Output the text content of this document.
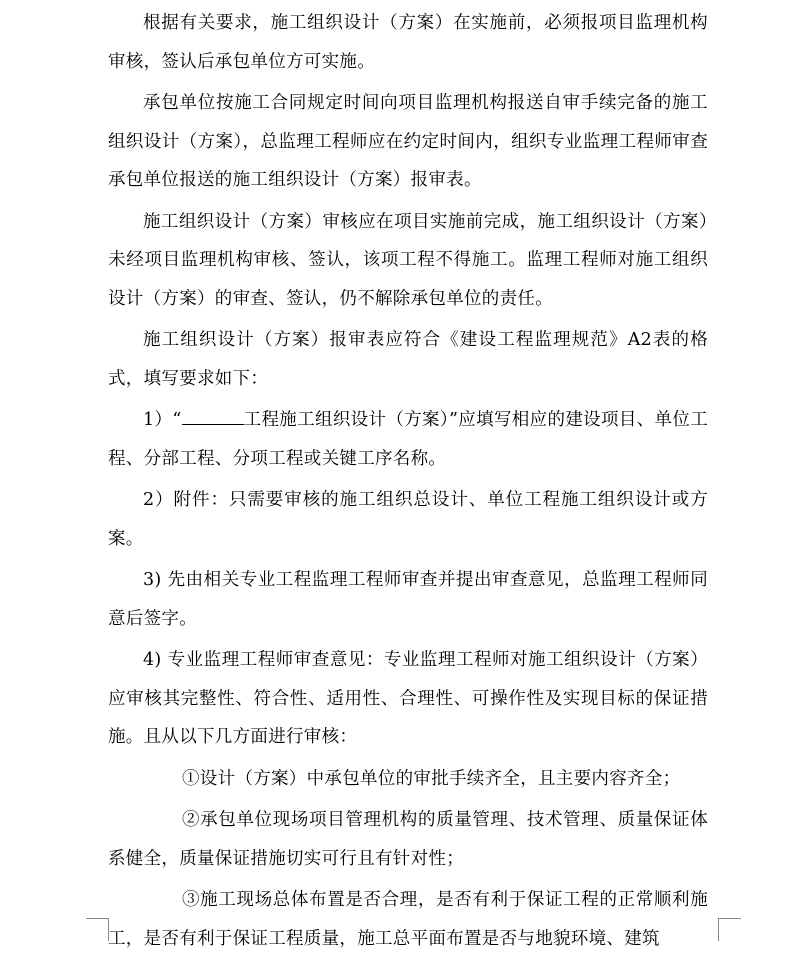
根据有关要求，施工组织设计（方案）在实施前，必须报项目监理机构审核，签认后承包单位方可实施。

承包单位按施工合同规定时间向项目监理机构报送自审手续完备的施工组织设计（方案），总监理工程师应在约定时间内，组织专业监理工程师审查承包单位报送的施工组织设计（方案）报审表。

施工组织设计（方案）审核应在项目实施前完成，施工组织设计（方案）未经项目监理机构审核、签认，该项工程不得施工。监理工程师对施工组织设计（方案）的审查、签认，仍不解除承包单位的责任。

施工组织设计（方案）报审表应符合《建设工程监理规范》A2表的格式，填写要求如下：

1）“	工程施工组织设计（方案）”应填写相应的建设项目、单位工程、分部工程、分项工程或关键工序名称。

2）附件：只需要审核的施工组织总设计、单位工程施工组织设计或方案。

3) 先由相关专业工程监理工程师审查并提出审查意见，总监理工程师同意后签字。

4) 专业监理工程师审查意见：专业监理工程师对施工组织设计（方案）应审核其完整性、符合性、适用性、合理性、可操作性及实现目标的保证措施。且从以下几方面进行审核：

①设计（方案）中承包单位的审批手续齐全，且主要内容齐全；

②承包单位现场项目管理机构的质量管理、技术管理、质量保证体系健全，质量保证措施切实可行且有针对性；

③施工现场总体布置是否合理，是否有利于保证工程的正常顺利施工，是否有利于保证工程质量，施工总平面布置是否与地貌环境、建筑
